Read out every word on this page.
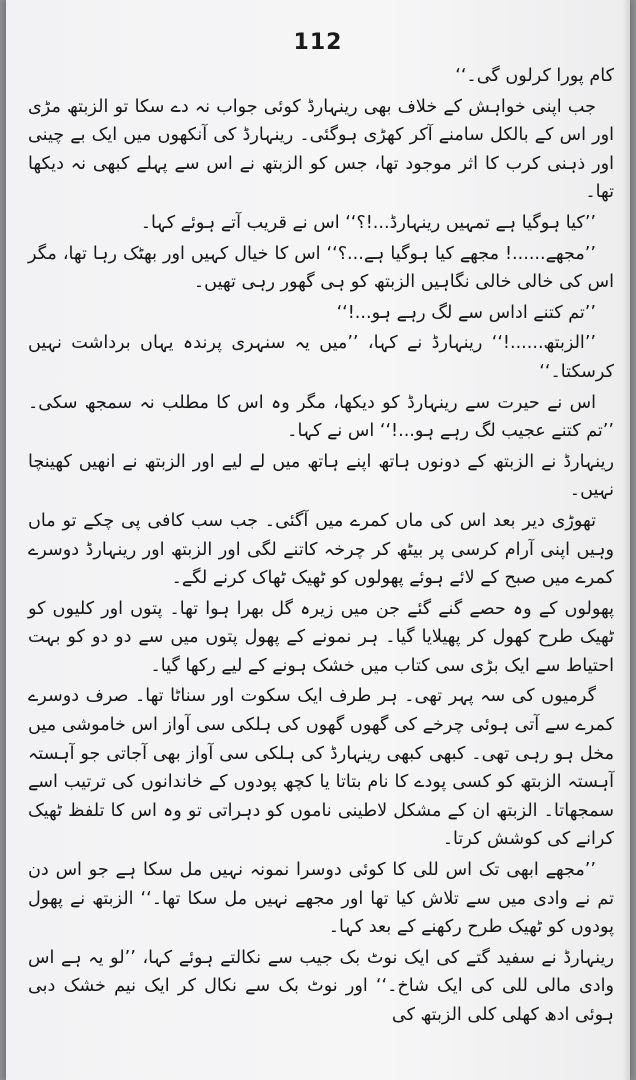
112

کام پورا کرلوں گی۔‘‘

جب اپنی خواہش کے خلاف بھی رینہارڈ کوئی جواب نہ دے سکا تو الزبتھ مڑی اور اس کے بالکل سامنے آکر کھڑی ہوگئی۔ رینہارڈ کی آنکھوں میں ایک بے چینی اور ذہنی کرب کا اثر موجود تھا، جس کو الزبتھ نے اس سے پہلے کبھی نہ دیکھا تھا۔

’’کیا ہوگیا ہے تمہیں رینہارڈ...!؟‘‘ اس نے قریب آتے ہوئے کہا۔

’’مجھے......! مجھے کیا ہوگیا ہے...؟‘‘ اس کا خیال کہیں اور بھٹک رہا تھا، مگر اس کی خالی خالی نگاہیں الزبتھ کو ہی گھور رہی تھیں۔

’’تم کتنے اداس سے لگ رہے ہو...!‘‘

’’الزبتھ......!‘‘ رینہارڈ نے کہا، ’’میں یہ سنہری پرندہ یہاں برداشت نہیں کرسکتا۔‘‘

اس نے حیرت سے رینہارڈ کو دیکھا، مگر وہ اس کا مطلب نہ سمجھ سکی۔ ’’تم کتنے عجیب لگ رہے ہو...!‘‘ اس نے کہا۔

رینہارڈ نے الزبتھ کے دونوں ہاتھ اپنے ہاتھ میں لے لیے اور الزبتھ نے انھیں کھینچا نہیں۔

تھوڑی دیر بعد اس کی ماں کمرے میں آگئی۔ جب سب کافی پی چکے تو ماں وہیں اپنی آرام کرسی پر بیٹھ کر چرخہ کاتنے لگی اور الزبتھ اور رینہارڈ دوسرے کمرے میں صبح کے لائے ہوئے پھولوں کو ٹھیک ٹھاک کرنے لگے۔

پھولوں کے وہ حصے گنے گئے جن میں زیرہ گل بھرا ہوا تھا۔ پتوں اور کلیوں کو ٹھیک طرح کھول کر پھیلایا گیا۔ ہر نمونے کے پھول پتوں میں سے دو دو کو بہت احتیاط سے ایک بڑی سی کتاب میں خشک ہونے کے لیے رکھا گیا۔

گرمیوں کی سہ پہر تھی۔ ہر طرف ایک سکوت اور سناٹا تھا۔ صرف دوسرے کمرے سے آتی ہوئی چرخے کی گھوں گھوں کی ہلکی سی آواز اس خاموشی میں مخل ہو رہی تھی۔ کبھی کبھی رینہارڈ کی ہلکی سی آواز بھی آجاتی جو آہستہ آہستہ الزبتھ کو کسی پودے کا نام بتاتا یا کچھ پودوں کے خاندانوں کی ترتیب اسے سمجھاتا۔ الزبتھ ان کے مشکل لاطینی ناموں کو دہراتی تو وہ اس کا تلفظ ٹھیک کرانے کی کوشش کرتا۔

’’مجھے ابھی تک اس للی کا کوئی دوسرا نمونہ نہیں مل سکا ہے جو اس دن تم نے وادی میں سے تلاش کیا تھا اور مجھے نہیں مل سکا تھا۔‘‘ الزبتھ نے پھول پودوں کو ٹھیک طرح رکھنے کے بعد کہا۔

رینہارڈ نے سفید گتے کی ایک نوٹ بک جیب سے نکالتے ہوئے کہا، ’’لو یہ ہے اس وادی مالی للی کی ایک شاخ۔‘‘ اور نوٹ بک سے نکال کر ایک نیم خشک دبی ہوئی ادھ کھلی کلی الزبتھ کی
